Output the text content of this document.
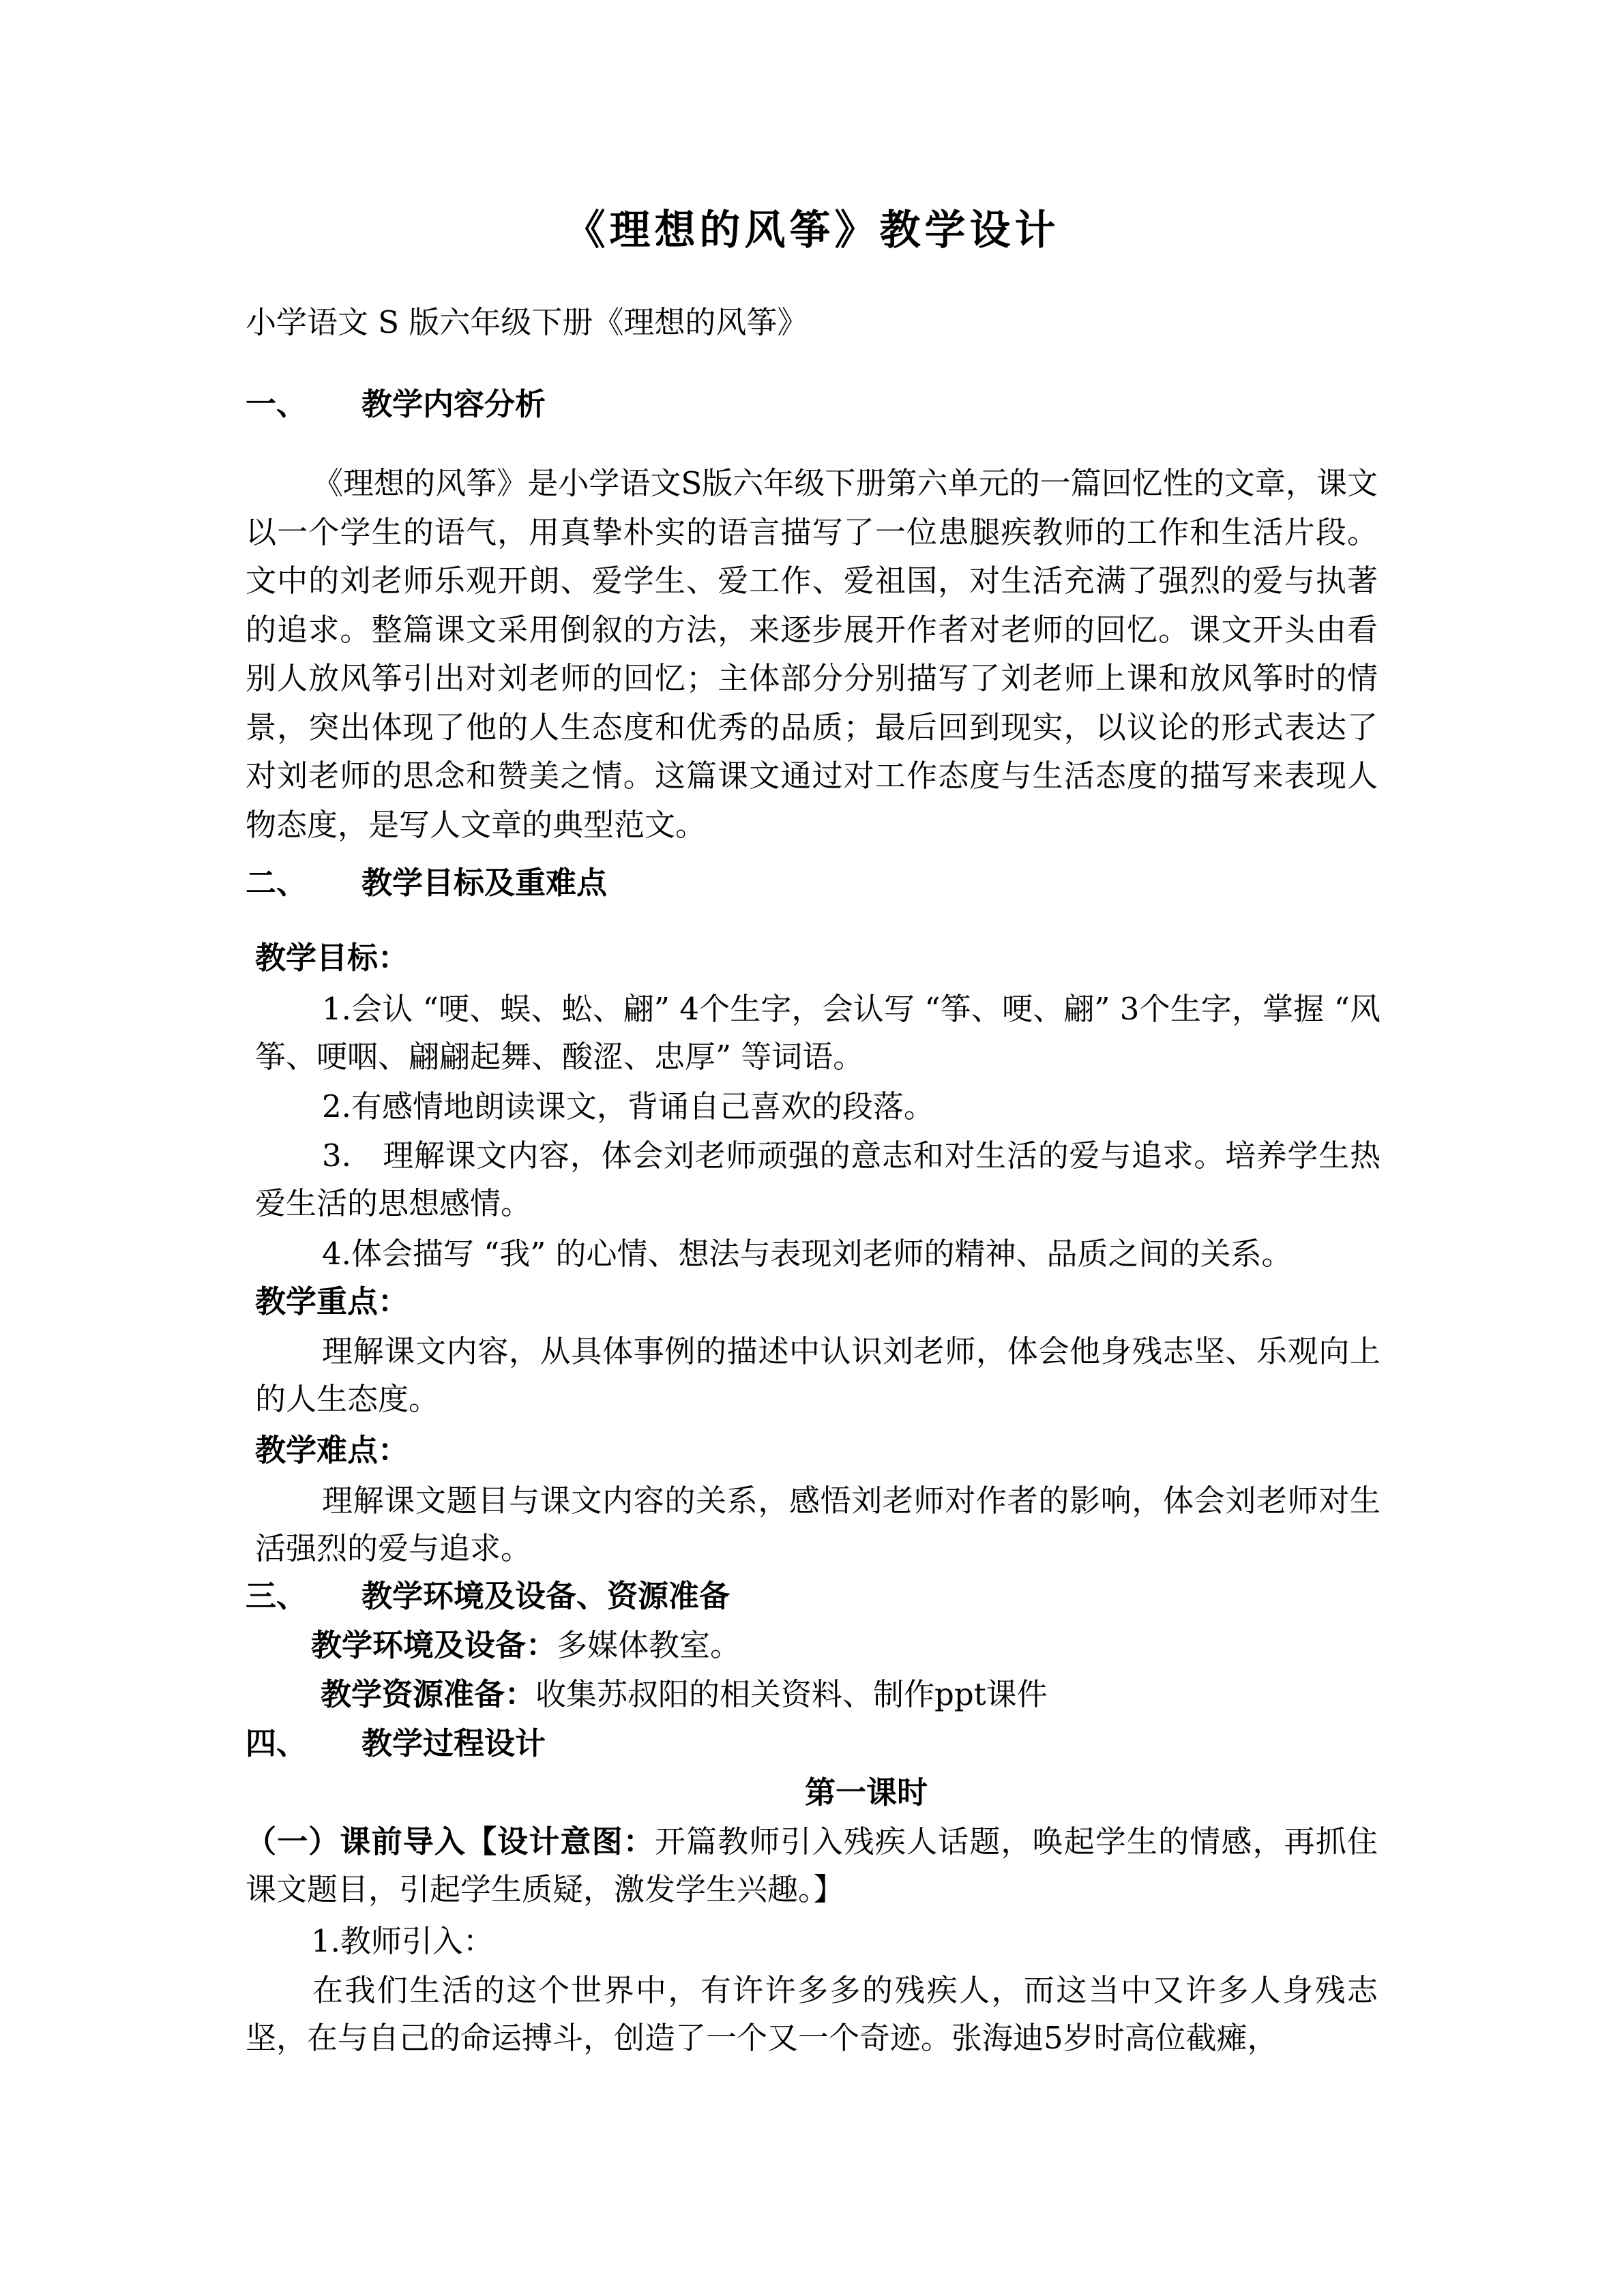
《理想的风筝》教学设计
小学语文 S 版六年级下册《理想的风筝》
一、 教学内容分析

《理想的风筝》是小学语文S版六年级下册第六单元的一篇回忆性的文章，课文以一个学生的语气，用真挚朴实的语言描写了一位患腿疾教师的工作和生活片段。文中的刘老师乐观开朗、爱学生、爱工作、爱祖国，对生活充满了强烈的爱与执著的追求。整篇课文采用倒叙的方法，来逐步展开作者对老师的回忆。课文开头由看别人放风筝引出对刘老师的回忆；主体部分分别描写了刘老师上课和放风筝时的情景，突出体现了他的人生态度和优秀的品质；最后回到现实，以议论的形式表达了对刘老师的思念和赞美之情。这篇课文通过对工作态度与生活态度的描写来表现人物态度，是写人文章的典型范文。

二、 教学目标及重难点
教学目标：

1.会认 “哽、蜈、蚣、翩” 4个生字，会认写 “筝、哽、翩” 3个生字，掌握 “风筝、哽咽、翩翩起舞、酸涩、忠厚” 等词语。

2.有感情地朗读课文，背诵自己喜欢的段落。

3.　理解课文内容，体会刘老师顽强的意志和对生活的爱与追求。培养学生热爱生活的思想感情。

4.体会描写 “我” 的心情、想法与表现刘老师的精神、品质之间的关系。
教学重点：

理解课文内容，从具体事例的描述中认识刘老师，体会他身残志坚、乐观向上的人生态度。

教学难点：

理解课文题目与课文内容的关系，感悟刘老师对作者的影响，体会刘老师对生活强烈的爱与追求。

三、 教学环境及设备、资源准备
教学环境及设备：多媒体教室。
教学资源准备：收集苏叔阳的相关资料、制作ppt课件
四、 教学过程设计
第一课时

（一）课前导入【设计意图：开篇教师引入残疾人话题，唤起学生的情感，再抓住课文题目，引起学生质疑，激发学生兴趣。】

1.教师引入：

在我们生活的这个世界中，有许许多多的残疾人，而这当中又许多人身残志坚，在与自己的命运搏斗，创造了一个又一个奇迹。张海迪5岁时高位截瘫，
